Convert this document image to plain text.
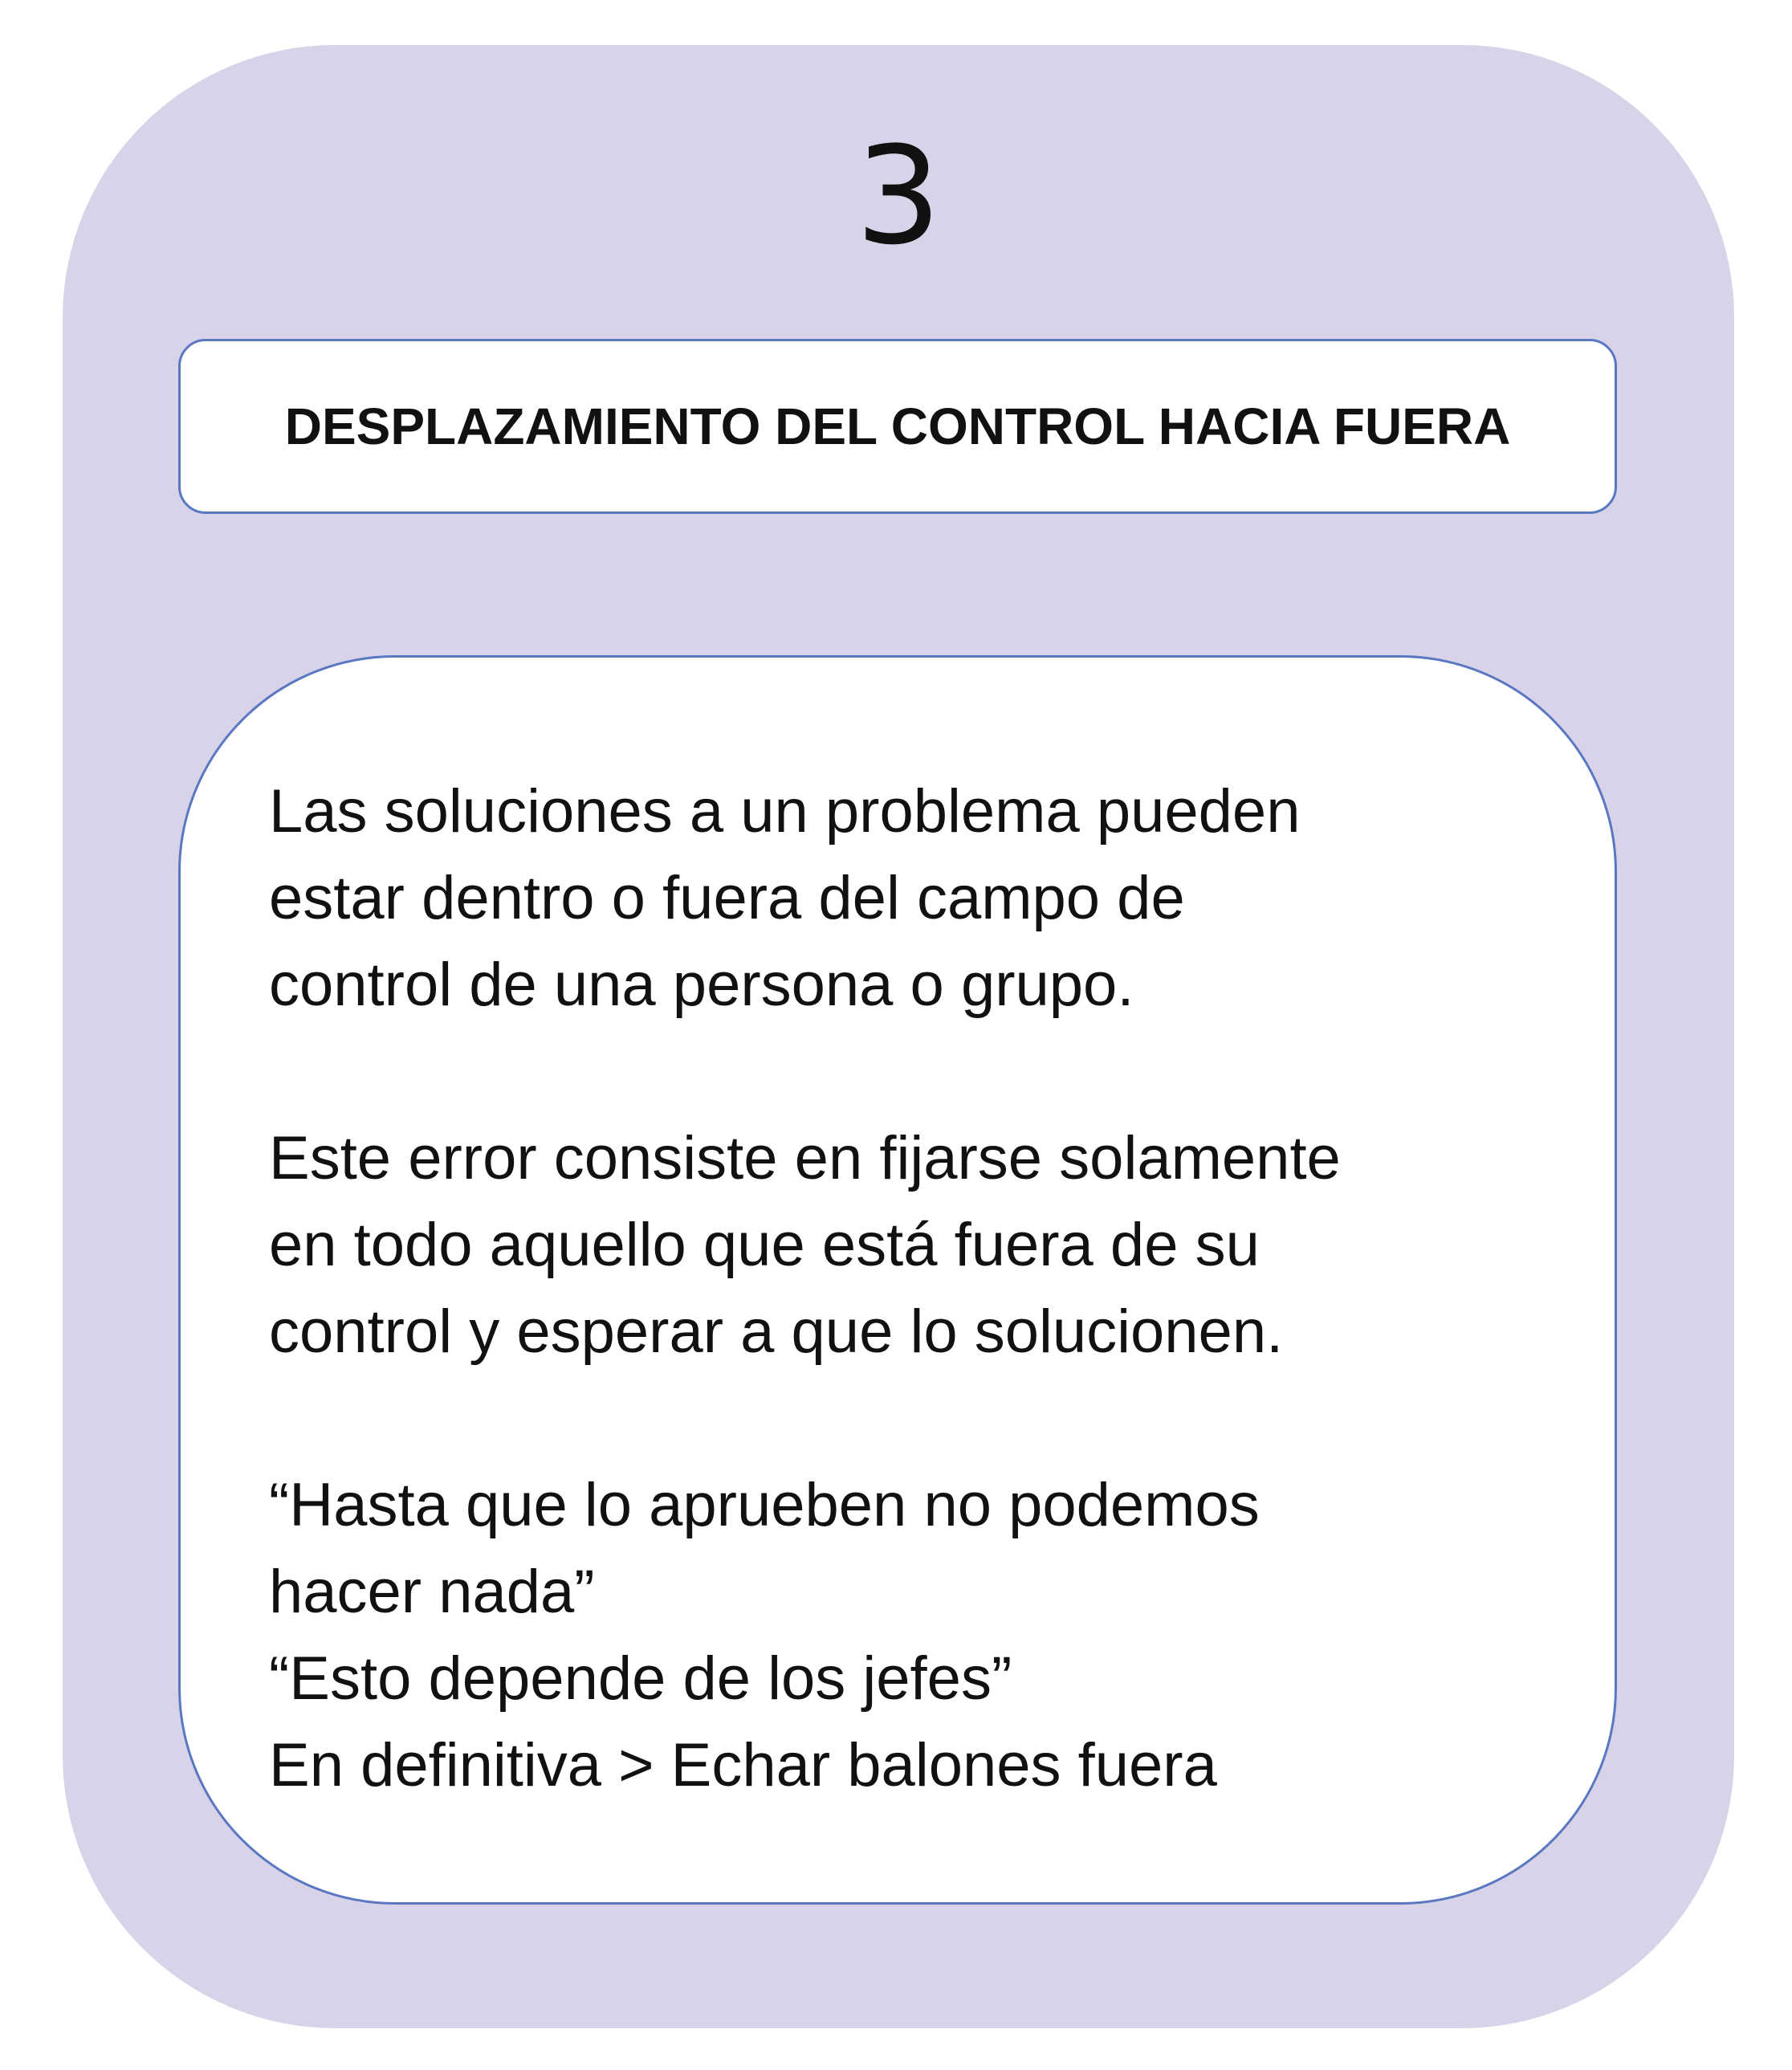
3
DESPLAZAMIENTO DEL CONTROL HACIA FUERA

Las soluciones a un problema pueden
estar dentro o fuera del campo de
control de una persona o grupo.

Este error consiste en fijarse solamente
en todo aquello que está fuera de su
control y esperar a que lo solucionen.

“Hasta que lo aprueben no podemos
hacer nada”
“Esto depende de los jefes”
En definitiva > Echar balones fuera
